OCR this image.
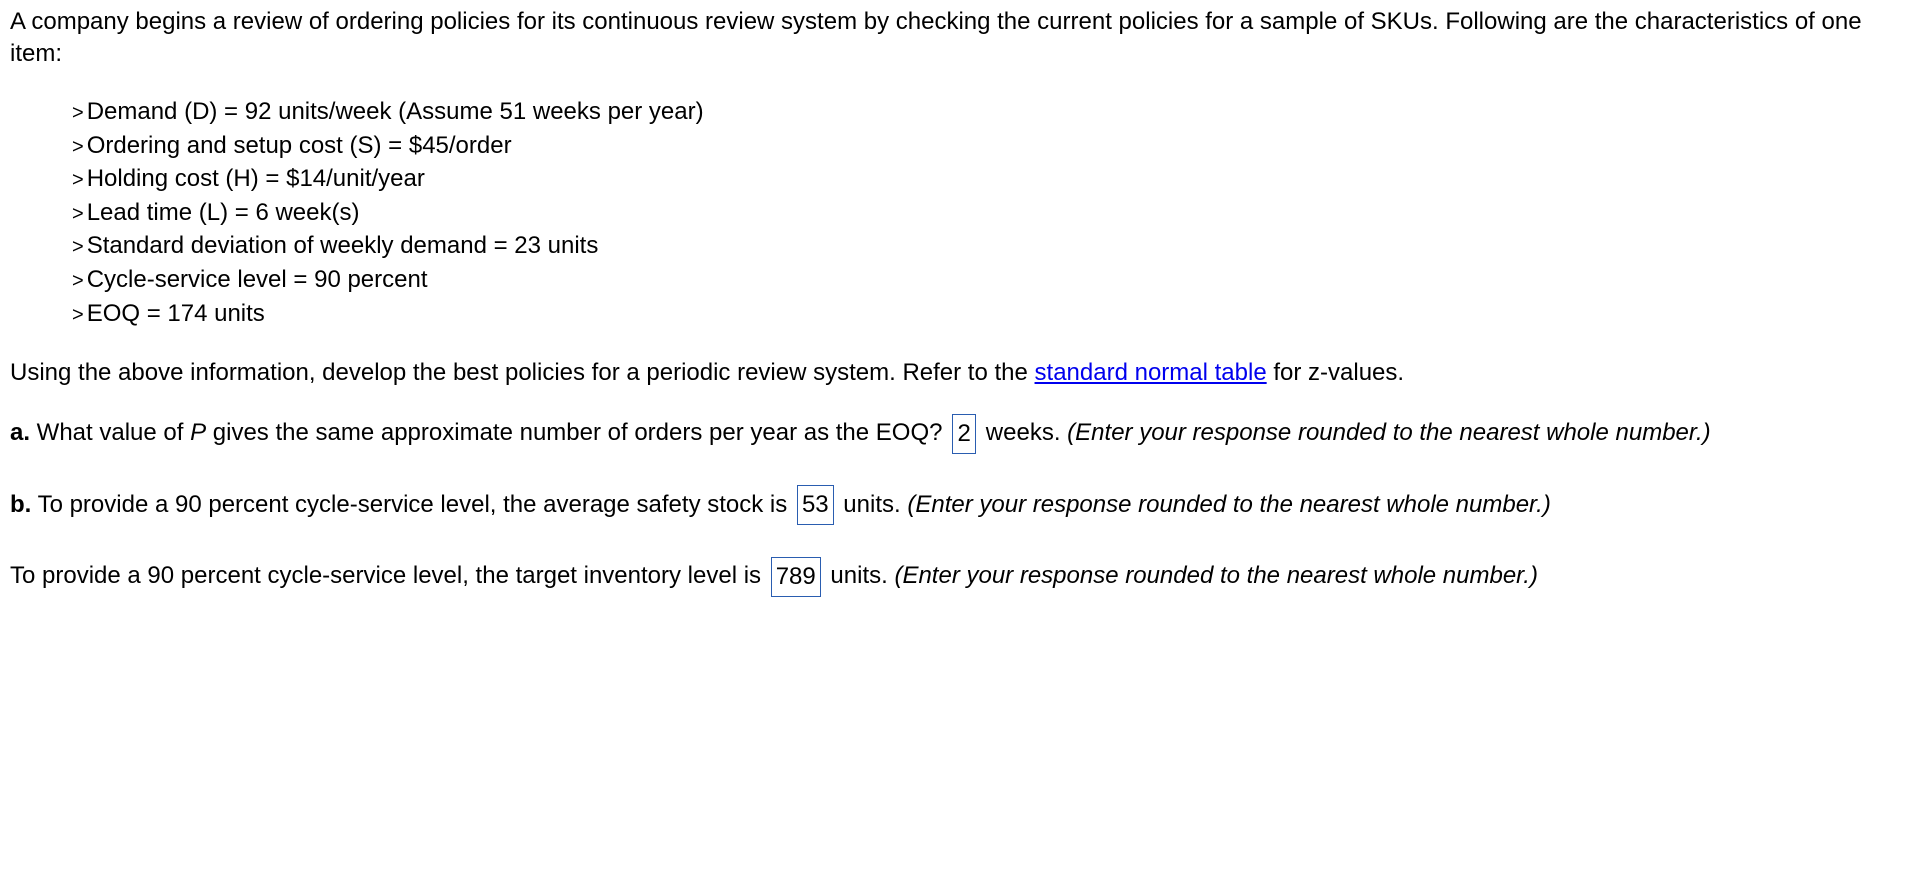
A company begins a review of ordering policies for its continuous review system by checking the current policies for a sample of SKUs. Following are the characteristics of one item:

> Demand (D) = 92 units/week (Assume 51 weeks per year)
> Ordering and setup cost (S) = $45/order
> Holding cost (H) = $14/unit/year
> Lead time (L) = 6 week(s)
> Standard deviation of weekly demand = 23 units
> Cycle-service level = 90 percent
> EOQ = 174 units

Using the above information, develop the best policies for a periodic review system. Refer to the standard normal table for z-values.

a. What value of P gives the same approximate number of orders per year as the EOQ? 2 weeks. (Enter your response rounded to the nearest whole number.)

b. To provide a 90 percent cycle-service level, the average safety stock is 53 units. (Enter your response rounded to the nearest whole number.)

To provide a 90 percent cycle-service level, the target inventory level is 789 units. (Enter your response rounded to the nearest whole number.)
